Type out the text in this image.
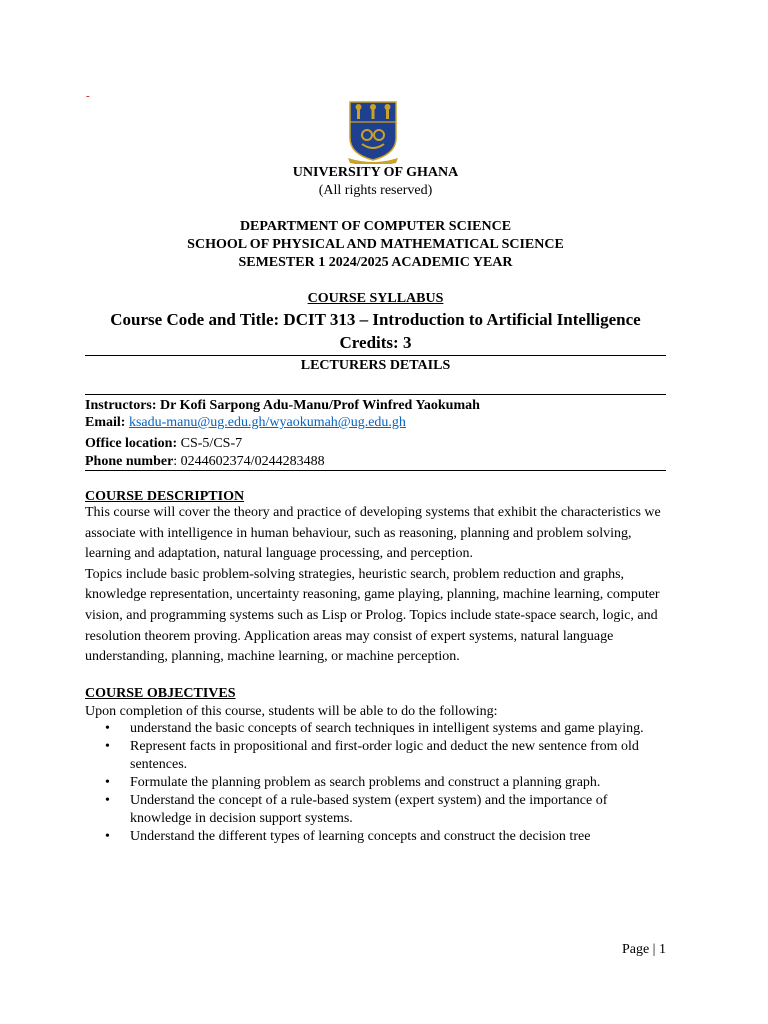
-
UNIVERSITY OF GHANA
(All rights reserved)
DEPARTMENT OF COMPUTER SCIENCE
SCHOOL OF PHYSICAL AND MATHEMATICAL SCIENCE
SEMESTER 1 2024/2025 ACADEMIC YEAR
COURSE SYLLABUS
Course Code and Title: DCIT 313 – Introduction to Artificial Intelligence
Credits: 3
LECTURERS DETAILS
Instructors: Dr Kofi Sarpong Adu-Manu/Prof Winfred Yaokumah
Email: ksadu-manu@ug.edu.gh/wyaokumah@ug.edu.gh
Office location: CS-5/CS-7
Phone number: 0244602374/0244283488
COURSE DESCRIPTION

This course will cover the theory and practice of developing systems that exhibit the characteristics we associate with intelligence in human behaviour, such as reasoning, planning and problem solving, learning and adaptation, natural language processing, and perception.

Topics include basic problem-solving strategies, heuristic search, problem reduction and graphs, knowledge representation, uncertainty reasoning, game playing, planning, machine learning, computer vision, and programming systems such as Lisp or Prolog. Topics include state-space search, logic, and resolution theorem proving. Application areas may consist of expert systems, natural language understanding, planning, machine learning, or machine perception.

COURSE OBJECTIVES
Upon completion of this course, students will be able to do the following:
• understand the basic concepts of search techniques in intelligent systems and game playing.
• Represent facts in propositional and first-order logic and deduct the new sentence from old sentences.
• Formulate the planning problem as search problems and construct a planning graph.
• Understand the concept of a rule-based system (expert system) and the importance of knowledge in decision support systems.
• Understand the different types of learning concepts and construct the decision tree
Page | 1
